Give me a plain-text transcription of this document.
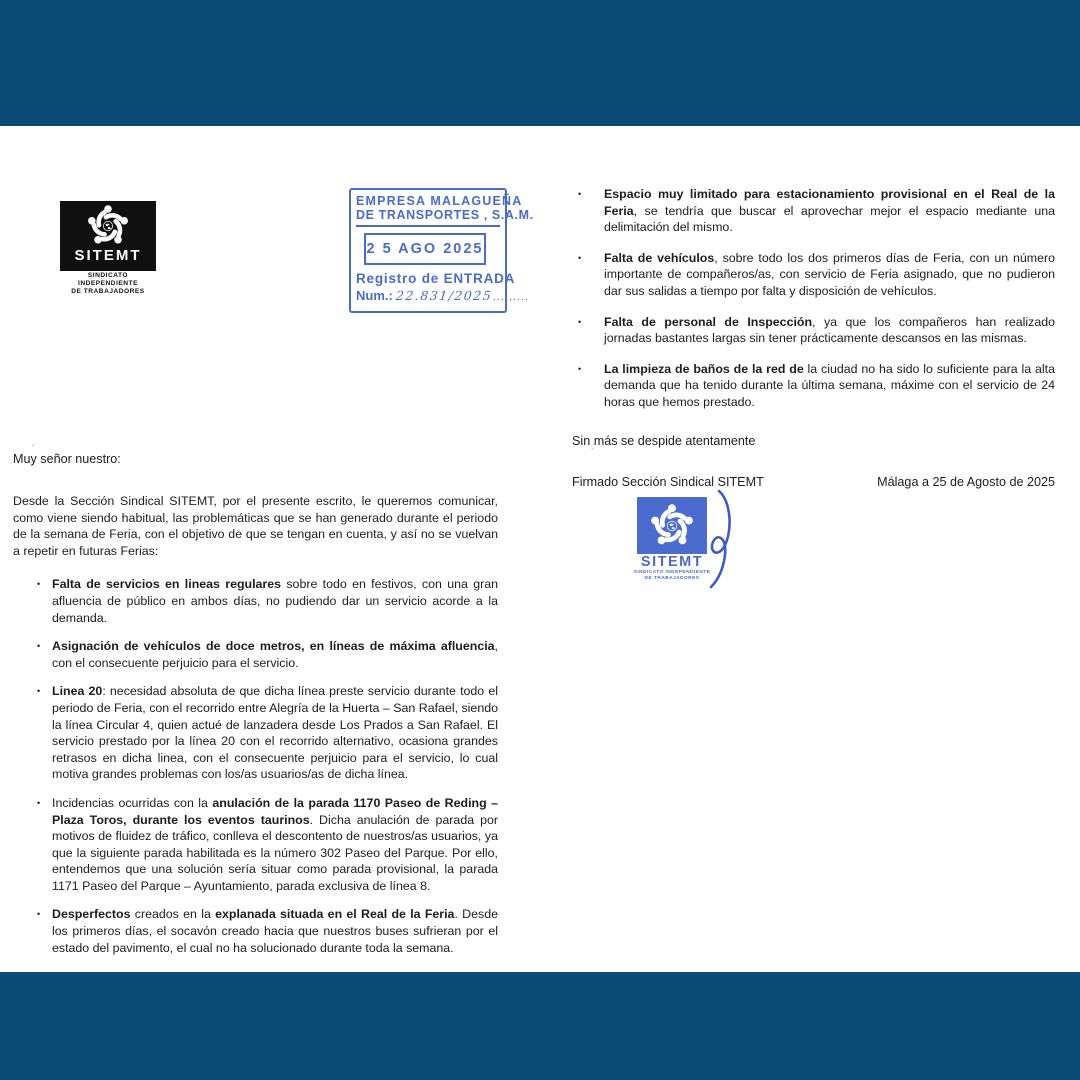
SITEMT
SINDICATO INDEPENDIENTE
DE TRABAJADORES
EMPRESA MALAGUEÑA
DE TRANSPORTES , S.A.M.
2 5 AGO 2025
Registro de ENTRADA
Num.: 22.831/2025.........
ʼ	ʼ
Muy señor nuestro:

Desde la Sección Sindical SITEMT, por el presente escrito, le queremos comunicar, como viene siendo habitual, las problemáticas que se han generado durante el periodo de la semana de Feria, con el objetivo de que se tengan en cuenta, y así no se vuelvan a repetir en futuras Ferias:

• Falta de servicios en lineas regulares sobre todo en festivos, con una gran afluencia de público en ambos días, no pudiendo dar un servicio acorde a la demanda.
• Asignación de vehículos de doce metros, en líneas de máxima afluencia, con el consecuente perjuicio para el servicio.
• Linea 20: necesidad absoluta de que dicha línea preste servicio durante todo el periodo de Feria, con el recorrido entre Alegría de la Huerta – San Rafael, siendo la línea Circular 4, quien actué de lanzadera desde Los Prados a San Rafael. El servicio prestado por la línea 20 con el recorrido alternativo, ocasiona grandes retrasos en dicha linea, con el consecuente perjuicio para el servicio, lo cual motiva grandes problemas con los/as usuarios/as de dicha línea.
• Incidencias ocurridas con la anulación de la parada 1170 Paseo de Reding – Plaza Toros, durante los eventos taurinos. Dicha anulación de parada por motivos de fluidez de tráfico, conlleva el descontento de nuestros/as usuarios, ya que la siguiente parada habilitada es la número 302 Paseo del Parque. Por ello, entendemos que una solución sería situar como parada provisional, la parada 1171 Paseo del Parque – Ayuntamiento, parada exclusiva de línea 8.
• Desperfectos creados en la explanada situada en el Real de la Feria. Desde los primeros días, el socavón creado hacia que nuestros buses sufrieran por el estado del pavimento, el cual no ha solucionado durante toda la semana.
• Espacio muy limitado para estacionamiento provisional en el Real de la Feria, se tendría que buscar el aprovechar mejor el espacio mediante una delimitación del mismo.
• Falta de vehículos, sobre todo los dos primeros días de Feria, con un número importante de compañeros/as, con servicio de Feria asignado, que no pudieron dar sus salidas a tiempo por falta y disposición de vehículos.
• Falta de personal de Inspección, ya que los compañeros han realizado jornadas bastantes largas sin tener prácticamente descansos en las mismas.
• La limpieza de baños de la red de la ciudad no ha sido lo suficiente para la alta demanda que ha tenido durante la última semana, máxime con el servicio de 24 horas que hemos prestado.
Sin más se despide atentamente
Firmado Sección Sindical SITEMT	Málaga a 25 de Agosto de 2025
SITEMT
SINDICATO INDEPENDIENTE
DE TRABAJADORES
